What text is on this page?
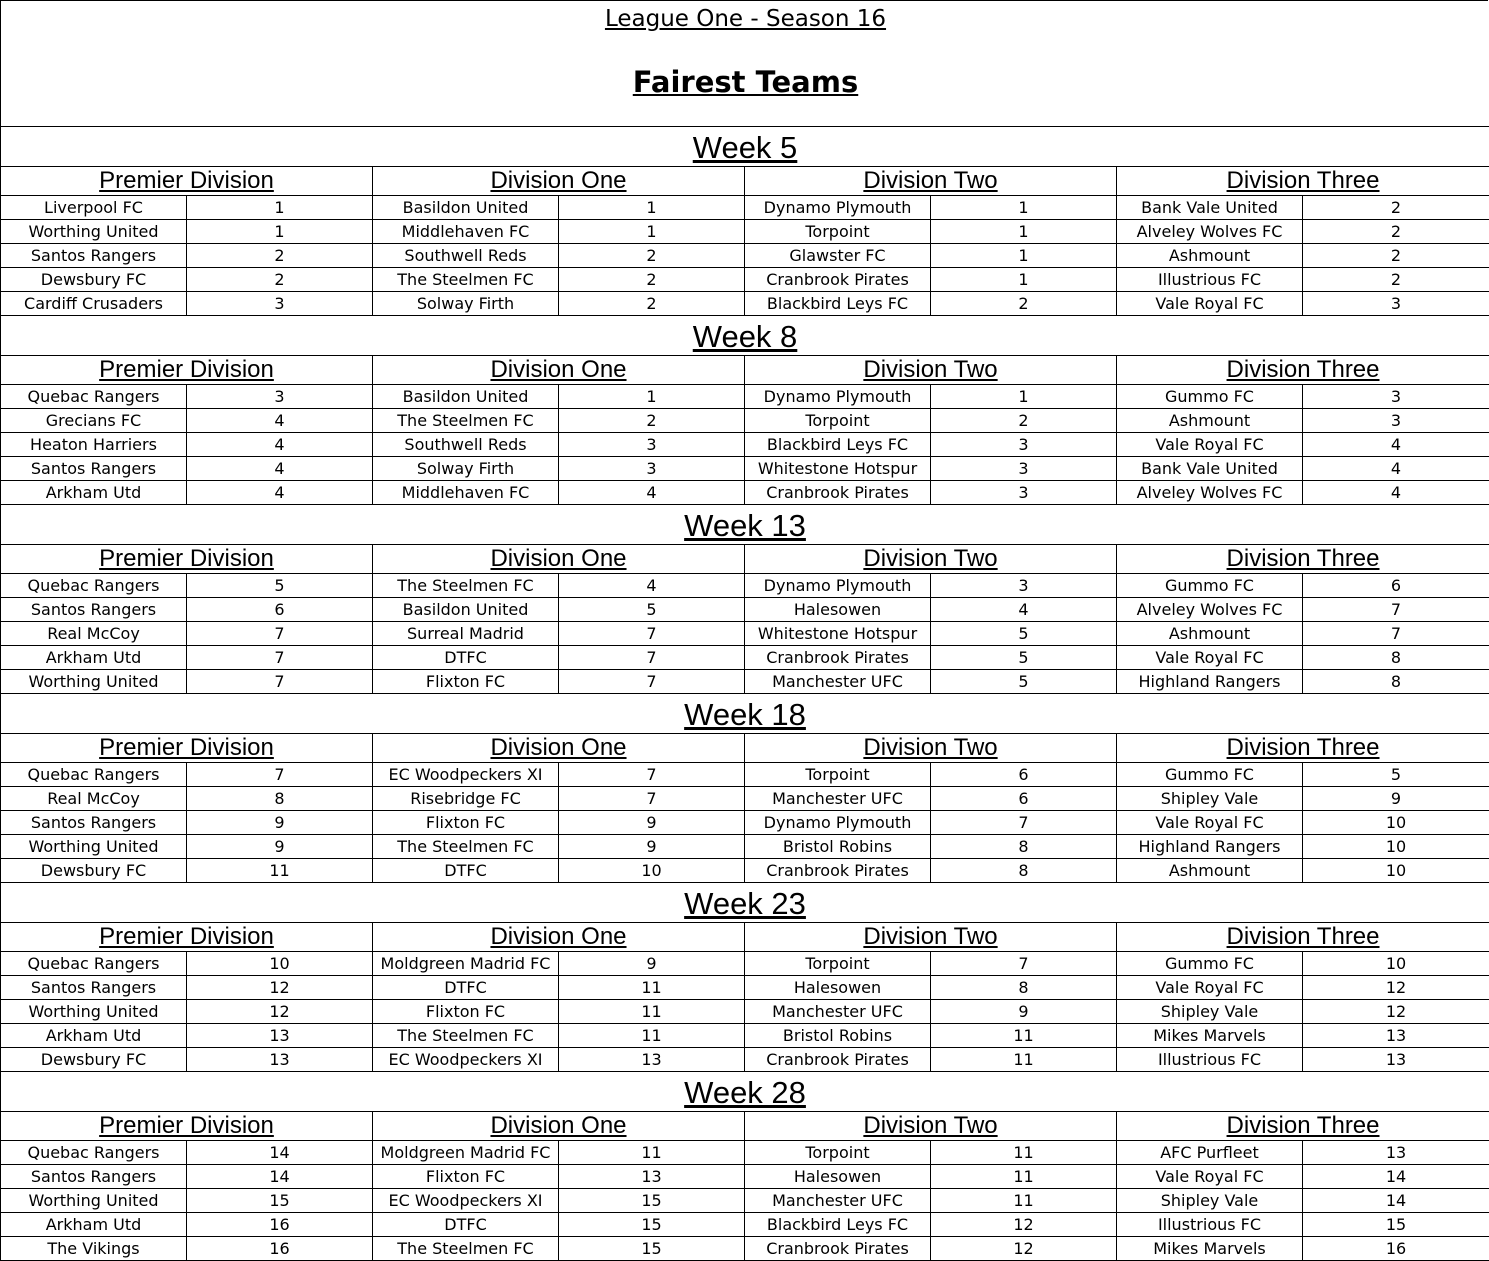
League One - Season 16
Fairest Teams
Week 5							
Premier Division		Division One		Division Two		Division Three	
Liverpool FC	1	Basildon United	1	Dynamo Plymouth	1	Bank Vale United	2
Worthing United	1	Middlehaven FC	1	Torpoint	1	Alveley Wolves FC	2
Santos Rangers	2	Southwell Reds	2	Glawster FC	1	Ashmount	2
Dewsbury FC	2	The Steelmen FC	2	Cranbrook Pirates	1	Illustrious FC	2
Cardiff Crusaders	3	Solway Firth	2	Blackbird Leys FC	2	Vale Royal FC	3
Week 8							
Premier Division		Division One		Division Two		Division Three	
Quebac Rangers	3	Basildon United	1	Dynamo Plymouth	1	Gummo FC	3
Grecians FC	4	The Steelmen FC	2	Torpoint	2	Ashmount	3
Heaton Harriers	4	Southwell Reds	3	Blackbird Leys FC	3	Vale Royal FC	4
Santos Rangers	4	Solway Firth	3	Whitestone Hotspur	3	Bank Vale United	4
Arkham Utd	4	Middlehaven FC	4	Cranbrook Pirates	3	Alveley Wolves FC	4
Week 13							
Premier Division		Division One		Division Two		Division Three	
Quebac Rangers	5	The Steelmen FC	4	Dynamo Plymouth	3	Gummo FC	6
Santos Rangers	6	Basildon United	5	Halesowen	4	Alveley Wolves FC	7
Real McCoy	7	Surreal Madrid	7	Whitestone Hotspur	5	Ashmount	7
Arkham Utd	7	DTFC	7	Cranbrook Pirates	5	Vale Royal FC	8
Worthing United	7	Flixton FC	7	Manchester UFC	5	Highland Rangers	8
Week 18							
Premier Division		Division One		Division Two		Division Three	
Quebac Rangers	7	EC Woodpeckers XI	7	Torpoint	6	Gummo FC	5
Real McCoy	8	Risebridge FC	7	Manchester UFC	6	Shipley Vale	9
Santos Rangers	9	Flixton FC	9	Dynamo Plymouth	7	Vale Royal FC	10
Worthing United	9	The Steelmen FC	9	Bristol Robins	8	Highland Rangers	10
Dewsbury FC	11	DTFC	10	Cranbrook Pirates	8	Ashmount	10
Week 23							
Premier Division		Division One		Division Two		Division Three	
Quebac Rangers	10	Moldgreen Madrid FC	9	Torpoint	7	Gummo FC	10
Santos Rangers	12	DTFC	11	Halesowen	8	Vale Royal FC	12
Worthing United	12	Flixton FC	11	Manchester UFC	9	Shipley Vale	12
Arkham Utd	13	The Steelmen FC	11	Bristol Robins	11	Mikes Marvels	13
Dewsbury FC	13	EC Woodpeckers XI	13	Cranbrook Pirates	11	Illustrious FC	13
Week 28							
Premier Division		Division One		Division Two		Division Three	
Quebac Rangers	14	Moldgreen Madrid FC	11	Torpoint	11	AFC Purfleet	13
Santos Rangers	14	Flixton FC	13	Halesowen	11	Vale Royal FC	14
Worthing United	15	EC Woodpeckers XI	15	Manchester UFC	11	Shipley Vale	14
Arkham Utd	16	DTFC	15	Blackbird Leys FC	12	Illustrious FC	15
The Vikings	16	The Steelmen FC	15	Cranbrook Pirates	12	Mikes Marvels	16
